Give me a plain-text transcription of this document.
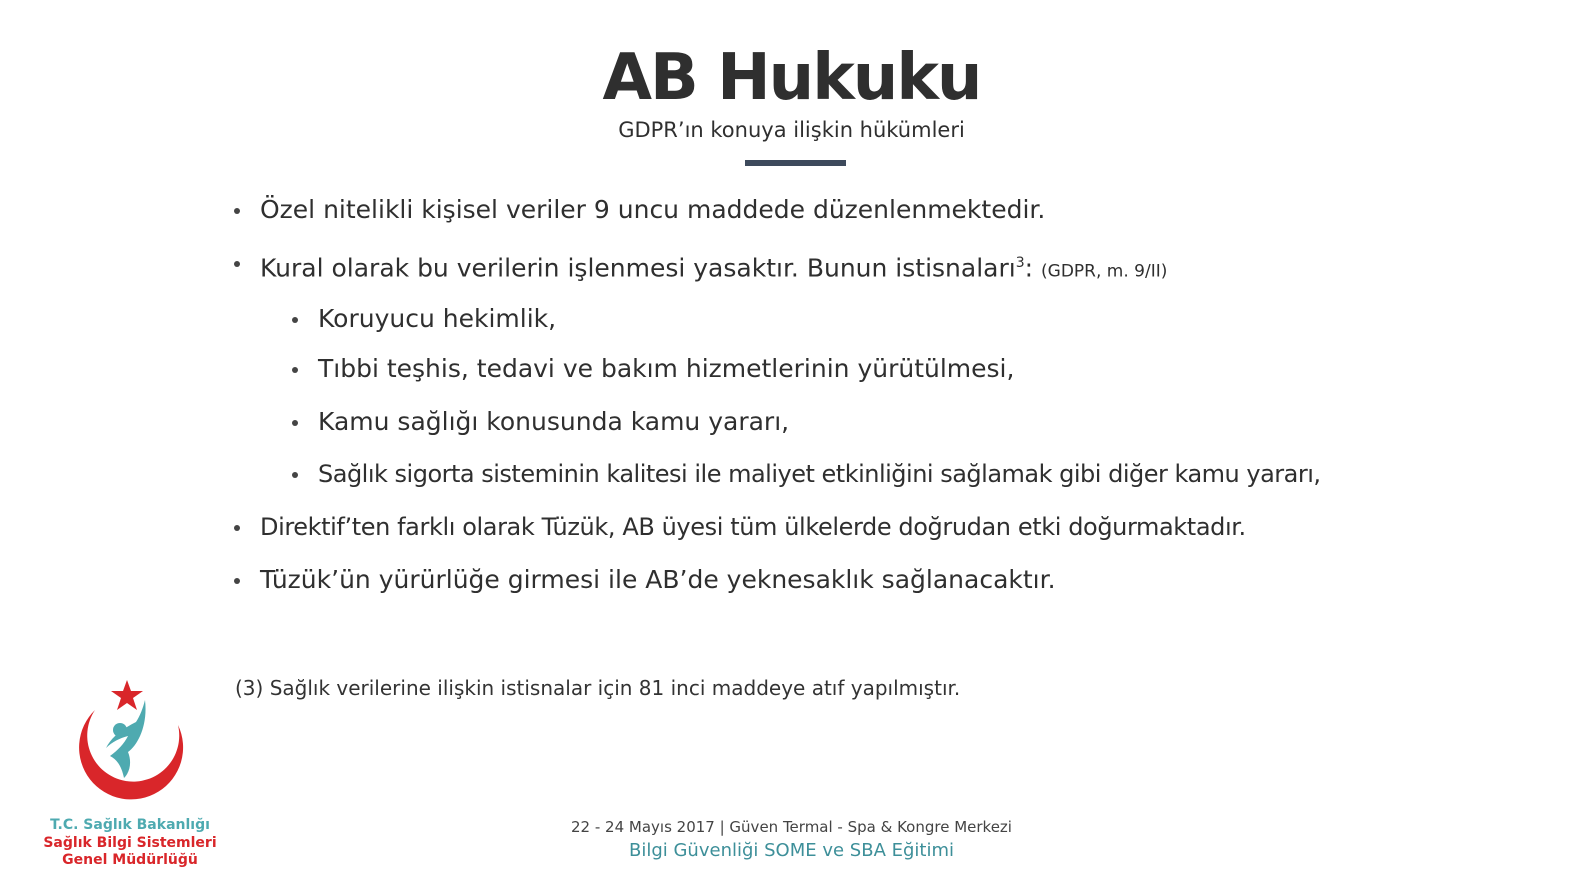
AB Hukuku
GDPR’ın konuya ilişkin hükümleri
Özel nitelikli kişisel veriler 9 uncu maddede düzenlenmektedir.
Kural olarak bu verilerin işlenmesi yasaktır. Bunun istisnaları$^3$: (GDPR, m. 9/II)
Koruyucu hekimlik,
Tıbbi teşhis, tedavi ve bakım hizmetlerinin yürütülmesi,
Kamu sağlığı konusunda kamu yararı,
Sağlık sigorta sisteminin kalitesi ile maliyet etkinliğini sağlamak gibi diğer kamu yararı,
Direktif’ten farklı olarak Tüzük, AB üyesi tüm ülkelerde doğrudan etki doğurmaktadır.
Tüzük’ün yürürlüğe girmesi ile AB’de yeknesaklık sağlanacaktır.
(3) Sağlık verilerine ilişkin istisnalar için 81 inci maddeye atıf yapılmıştır.
T.C. Sağlık Bakanlığı
Sağlık Bilgi Sistemleri
Genel Müdürlüğü
22 - 24 Mayıs 2017 | Güven Termal - Spa & Kongre Merkezi
Bilgi Güvenliği SOME ve SBA Eğitimi
